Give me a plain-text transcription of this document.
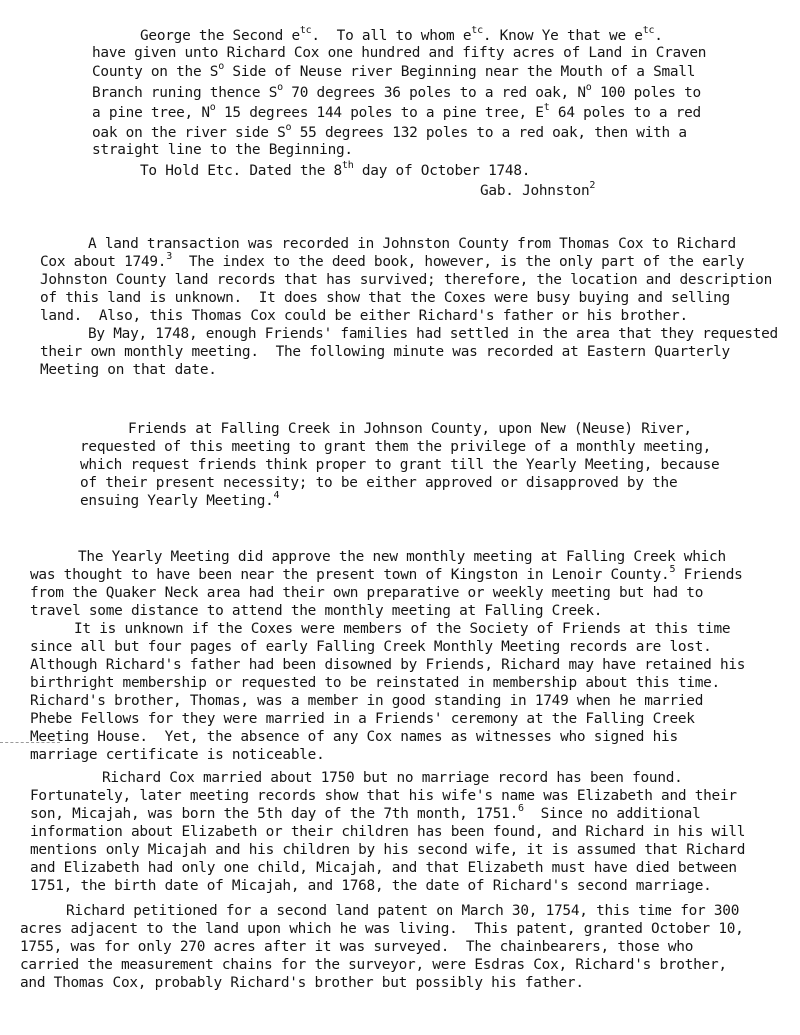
George the Second $e^{tc}$.  To all to whom $e^{tc}$. Know Ye that we $e^{tc}$.
have given unto Richard Cox one hundred and fifty acres of Land in Craven
County on the $S^o$ Side of Neuse river Beginning near the Mouth of a Small
Branch runing thence $S^o$ 70 degrees 36 poles to a red oak, $N^o$ 100 poles to
a pine tree, $N^o$ 15 degrees 144 poles to a pine tree, $E^t$ 64 poles to a red
oak on the river side $S^o$ 55 degrees 132 poles to a red oak, then with a
straight line to the Beginning.
To Hold Etc. Dated the 8th day of October 1748.
Gab. Johnston$^2$
A land transaction was recorded in Johnston County from Thomas Cox to Richard
Cox about 1749.$^3$  The index to the deed book, however, is the only part of the early
Johnston County land records that has survived; therefore, the location and description
of this land is unknown.  It does show that the Coxes were busy buying and selling
land.  Also, this Thomas Cox could be either Richard's father or his brother.
By May, 1748, enough Friends' families had settled in the area that they requested
their own monthly meeting.  The following minute was recorded at Eastern Quarterly
Meeting on that date.
Friends at Falling Creek in Johnson County, upon New (Neuse) River,
requested of this meeting to grant them the privilege of a monthly meeting,
which request friends think proper to grant till the Yearly Meeting, because
of their present necessity; to be either approved or disapproved by the
ensuing Yearly Meeting.$^4$
The Yearly Meeting did approve the new monthly meeting at Falling Creek which
was thought to have been near the present town of Kingston in Lenoir County.$^5$ Friends
from the Quaker Neck area had their own preparative or weekly meeting but had to
travel some distance to attend the monthly meeting at Falling Creek.
It is unknown if the Coxes were members of the Society of Friends at this time
since all but four pages of early Falling Creek Monthly Meeting records are lost.
Although Richard's father had been disowned by Friends, Richard may have retained his
birthright membership or requested to be reinstated in membership about this time.
Richard's brother, Thomas, was a member in good standing in 1749 when he married
Phebe Fellows for they were married in a Friends' ceremony at the Falling Creek
Meeting House.  Yet, the absence of any Cox names as witnesses who signed his
marriage certificate is noticeable.
Richard Cox married about 1750 but no marriage record has been found.
Fortunately, later meeting records show that his wife's name was Elizabeth and their
son, Micajah, was born the 5th day of the 7th month, 1751.$^6$  Since no additional
information about Elizabeth or their children has been found, and Richard in his will
mentions only Micajah and his children by his second wife, it is assumed that Richard
and Elizabeth had only one child, Micajah, and that Elizabeth must have died between
1751, the birth date of Micajah, and 1768, the date of Richard's second marriage.
Richard petitioned for a second land patent on March 30, 1754, this time for 300
acres adjacent to the land upon which he was living.  This patent, granted October 10,
1755, was for only 270 acres after it was surveyed.  The chainbearers, those who
carried the measurement chains for the surveyor, were Esdras Cox, Richard's brother,
and Thomas Cox, probably Richard's brother but possibly his father.
